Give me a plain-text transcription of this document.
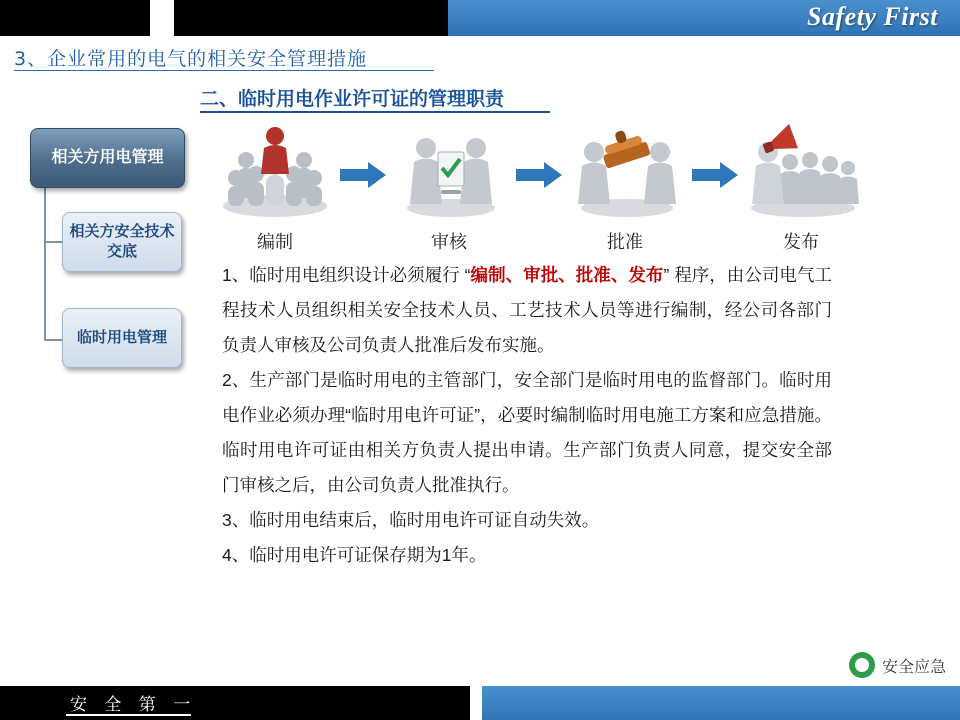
Safety First
3、企业常用的电气的相关安全管理措施
二、临时用电作业许可证的管理职责
相关方用电管理
相关方安全技术交底
临时用电管理
编制	审核	批准	发布

1、临时用电组织设计必须履行 “编制、审批、批准、发布” 程序，由公司电气工程技术人员组织相关安全技术人员、工艺技术人员等进行编制，经公司各部门负责人审核及公司负责人批准后发布实施。

2、生产部门是临时用电的主管部门，安全部门是临时用电的监督部门。临时用电作业必须办理“临时用电许可证”，必要时编制临时用电施工方案和应急措施。临时用电许可证由相关方负责人提出申请。生产部门负责人同意，提交安全部门审核之后，由公司负责人批准执行。

3、临时用电结束后，临时用电许可证自动失效。

4、临时用电许可证保存期为1年。

安全应急
安 全 第 一
